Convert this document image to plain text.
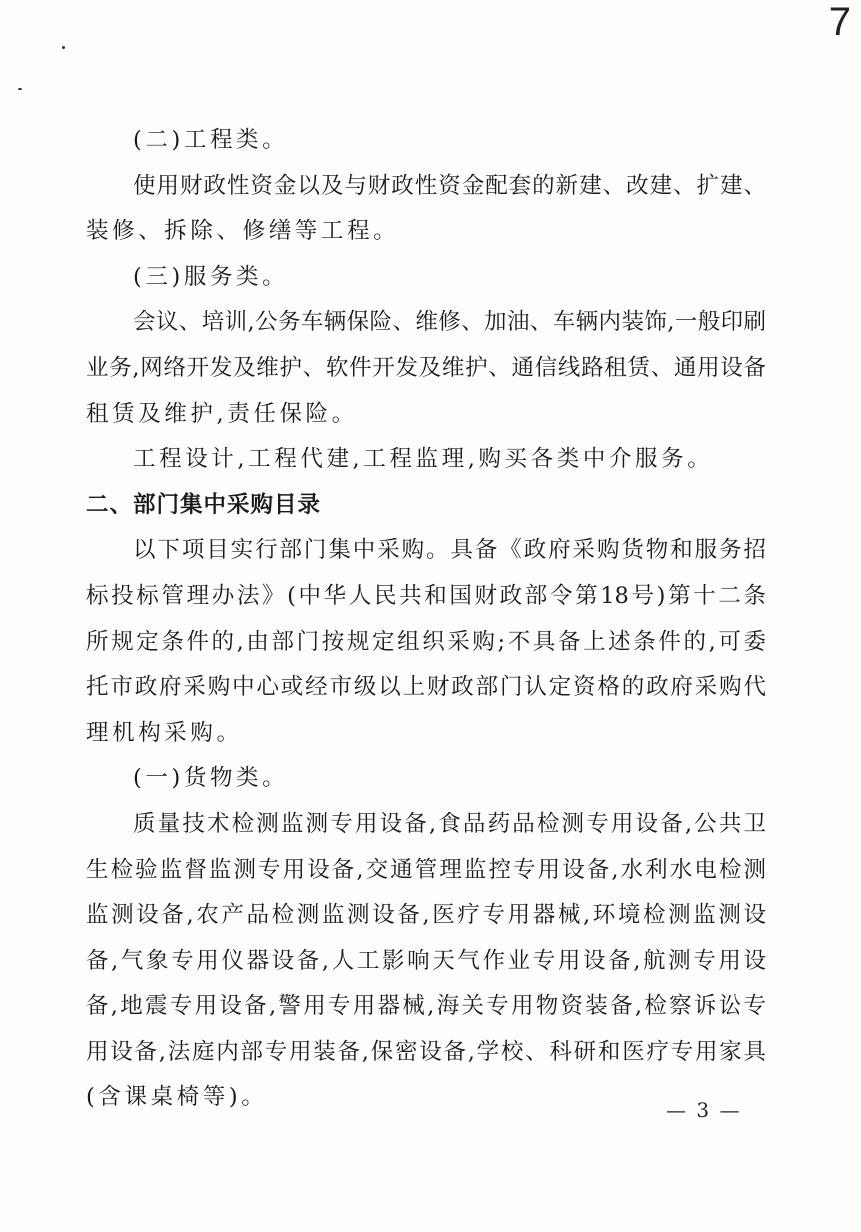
7
(二)工程类。
使用财政性资金以及与财政性资金配套的新建、改建、扩建、
装修、拆除、修缮等工程。
(三)服务类。
会议、培训,公务车辆保险、维修、加油、车辆内装饰,一般印刷
业务,网络开发及维护、软件开发及维护、通信线路租赁、通用设备
租赁及维护,责任保险。
工程设计,工程代建,工程监理,购买各类中介服务。
二、部门集中采购目录
以下项目实行部门集中采购。具备《政府采购货物和服务招
标投标管理办法》(中华人民共和国财政部令第18号)第十二条
所规定条件的,由部门按规定组织采购;不具备上述条件的,可委
托市政府采购中心或经市级以上财政部门认定资格的政府采购代
理机构采购。
(一)货物类。
质量技术检测监测专用设备,食品药品检测专用设备,公共卫
生检验监督监测专用设备,交通管理监控专用设备,水利水电检测
监测设备,农产品检测监测设备,医疗专用器械,环境检测监测设
备,气象专用仪器设备,人工影响天气作业专用设备,航测专用设
备,地震专用设备,警用专用器械,海关专用物资装备,检察诉讼专
用设备,法庭内部专用装备,保密设备,学校、科研和医疗专用家具
(含课桌椅等)。	— 3 —
